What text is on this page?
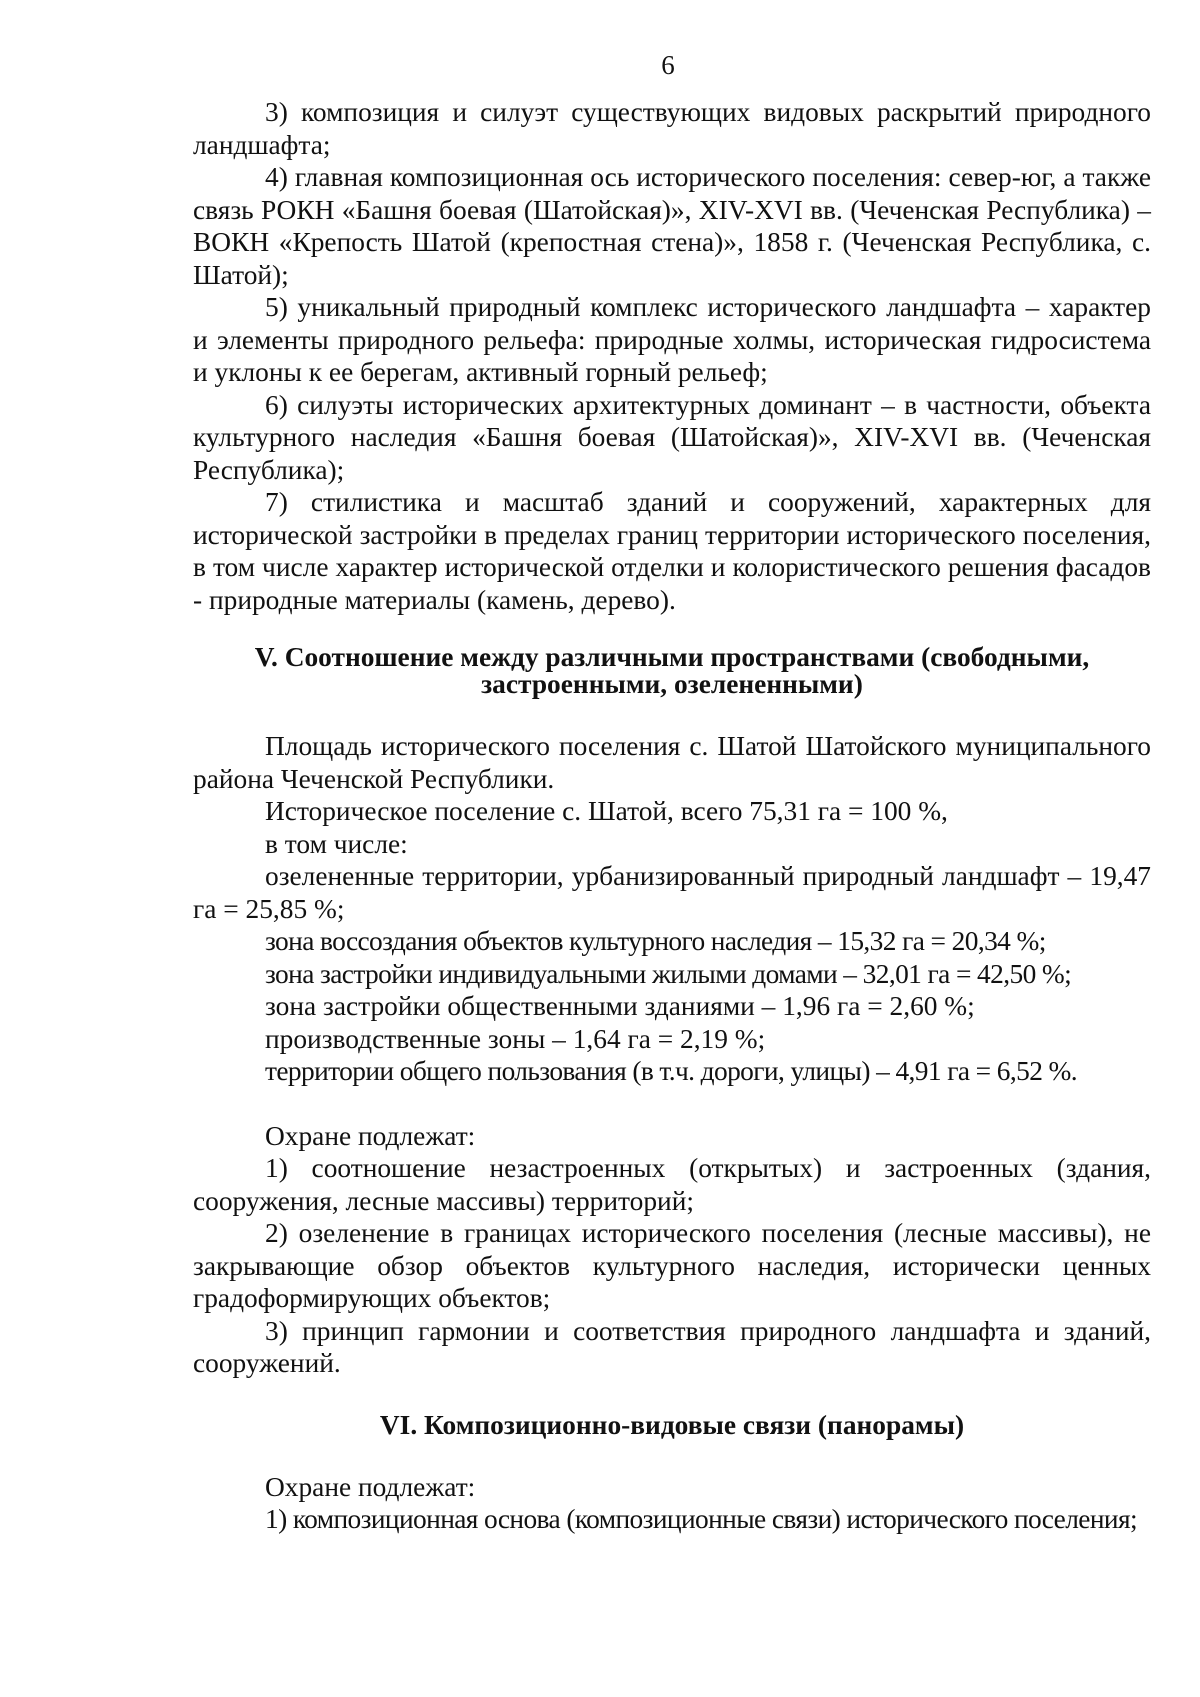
6

3) композиция и силуэт существующих видовых раскрытий природного ландшафта;

4) главная композиционная ось исторического поселения: север-юг, а также связь РОКН «Башня боевая (Шатойская)», XIV-XVI вв. (Чеченская Республика) – ВОКН «Крепость Шатой (крепостная стена)», 1858 г. (Чеченская Республика, с. Шатой);

5) уникальный природный комплекс исторического ландшафта – характер и элементы природного рельефа: природные холмы, историческая гидросистема и уклоны к ее берегам, активный горный рельеф;

6) силуэты исторических архитектурных доминант – в частности, объекта культурного наследия «Башня боевая (Шатойская)», XIV-XVI вв. (Чеченская Республика);

7) стилистика и масштаб зданий и сооружений, характерных для исторической застройки в пределах границ территории исторического поселения, в том числе характер исторической отделки и колористического решения фасадов - природные материалы (камень, дерево).

V. Соотношение между различными пространствами (свободными,
застроенными, озелененными)

Площадь исторического поселения с. Шатой Шатойского муниципального района Чеченской Республики.

Историческое поселение с. Шатой, всего 75,31 га = 100 %,

в том числе:

озелененные территории, урбанизированный природный ландшафт – 19,47 га = 25,85 %;

зона воссоздания объектов культурного наследия – 15,32 га = 20,34 %;

зона застройки индивидуальными жилыми домами – 32,01 га = 42,50 %;

зона застройки общественными зданиями – 1,96 га = 2,60 %;

производственные зоны – 1,64 га = 2,19 %;

территории общего пользования (в т.ч. дороги, улицы) – 4,91 га = 6,52 %.

Охране подлежат:

1) соотношение незастроенных (открытых) и застроенных (здания, сооружения, лесные массивы) территорий;

2) озеленение в границах исторического поселения (лесные массивы), не закрывающие обзор объектов культурного наследия, исторически ценных градоформирующих объектов;

3) принцип гармонии и соответствия природного ландшафта и зданий, сооружений.

VI. Композиционно-видовые связи (панорамы)

Охране подлежат:

1) композиционная основа (композиционные связи) исторического поселения;
